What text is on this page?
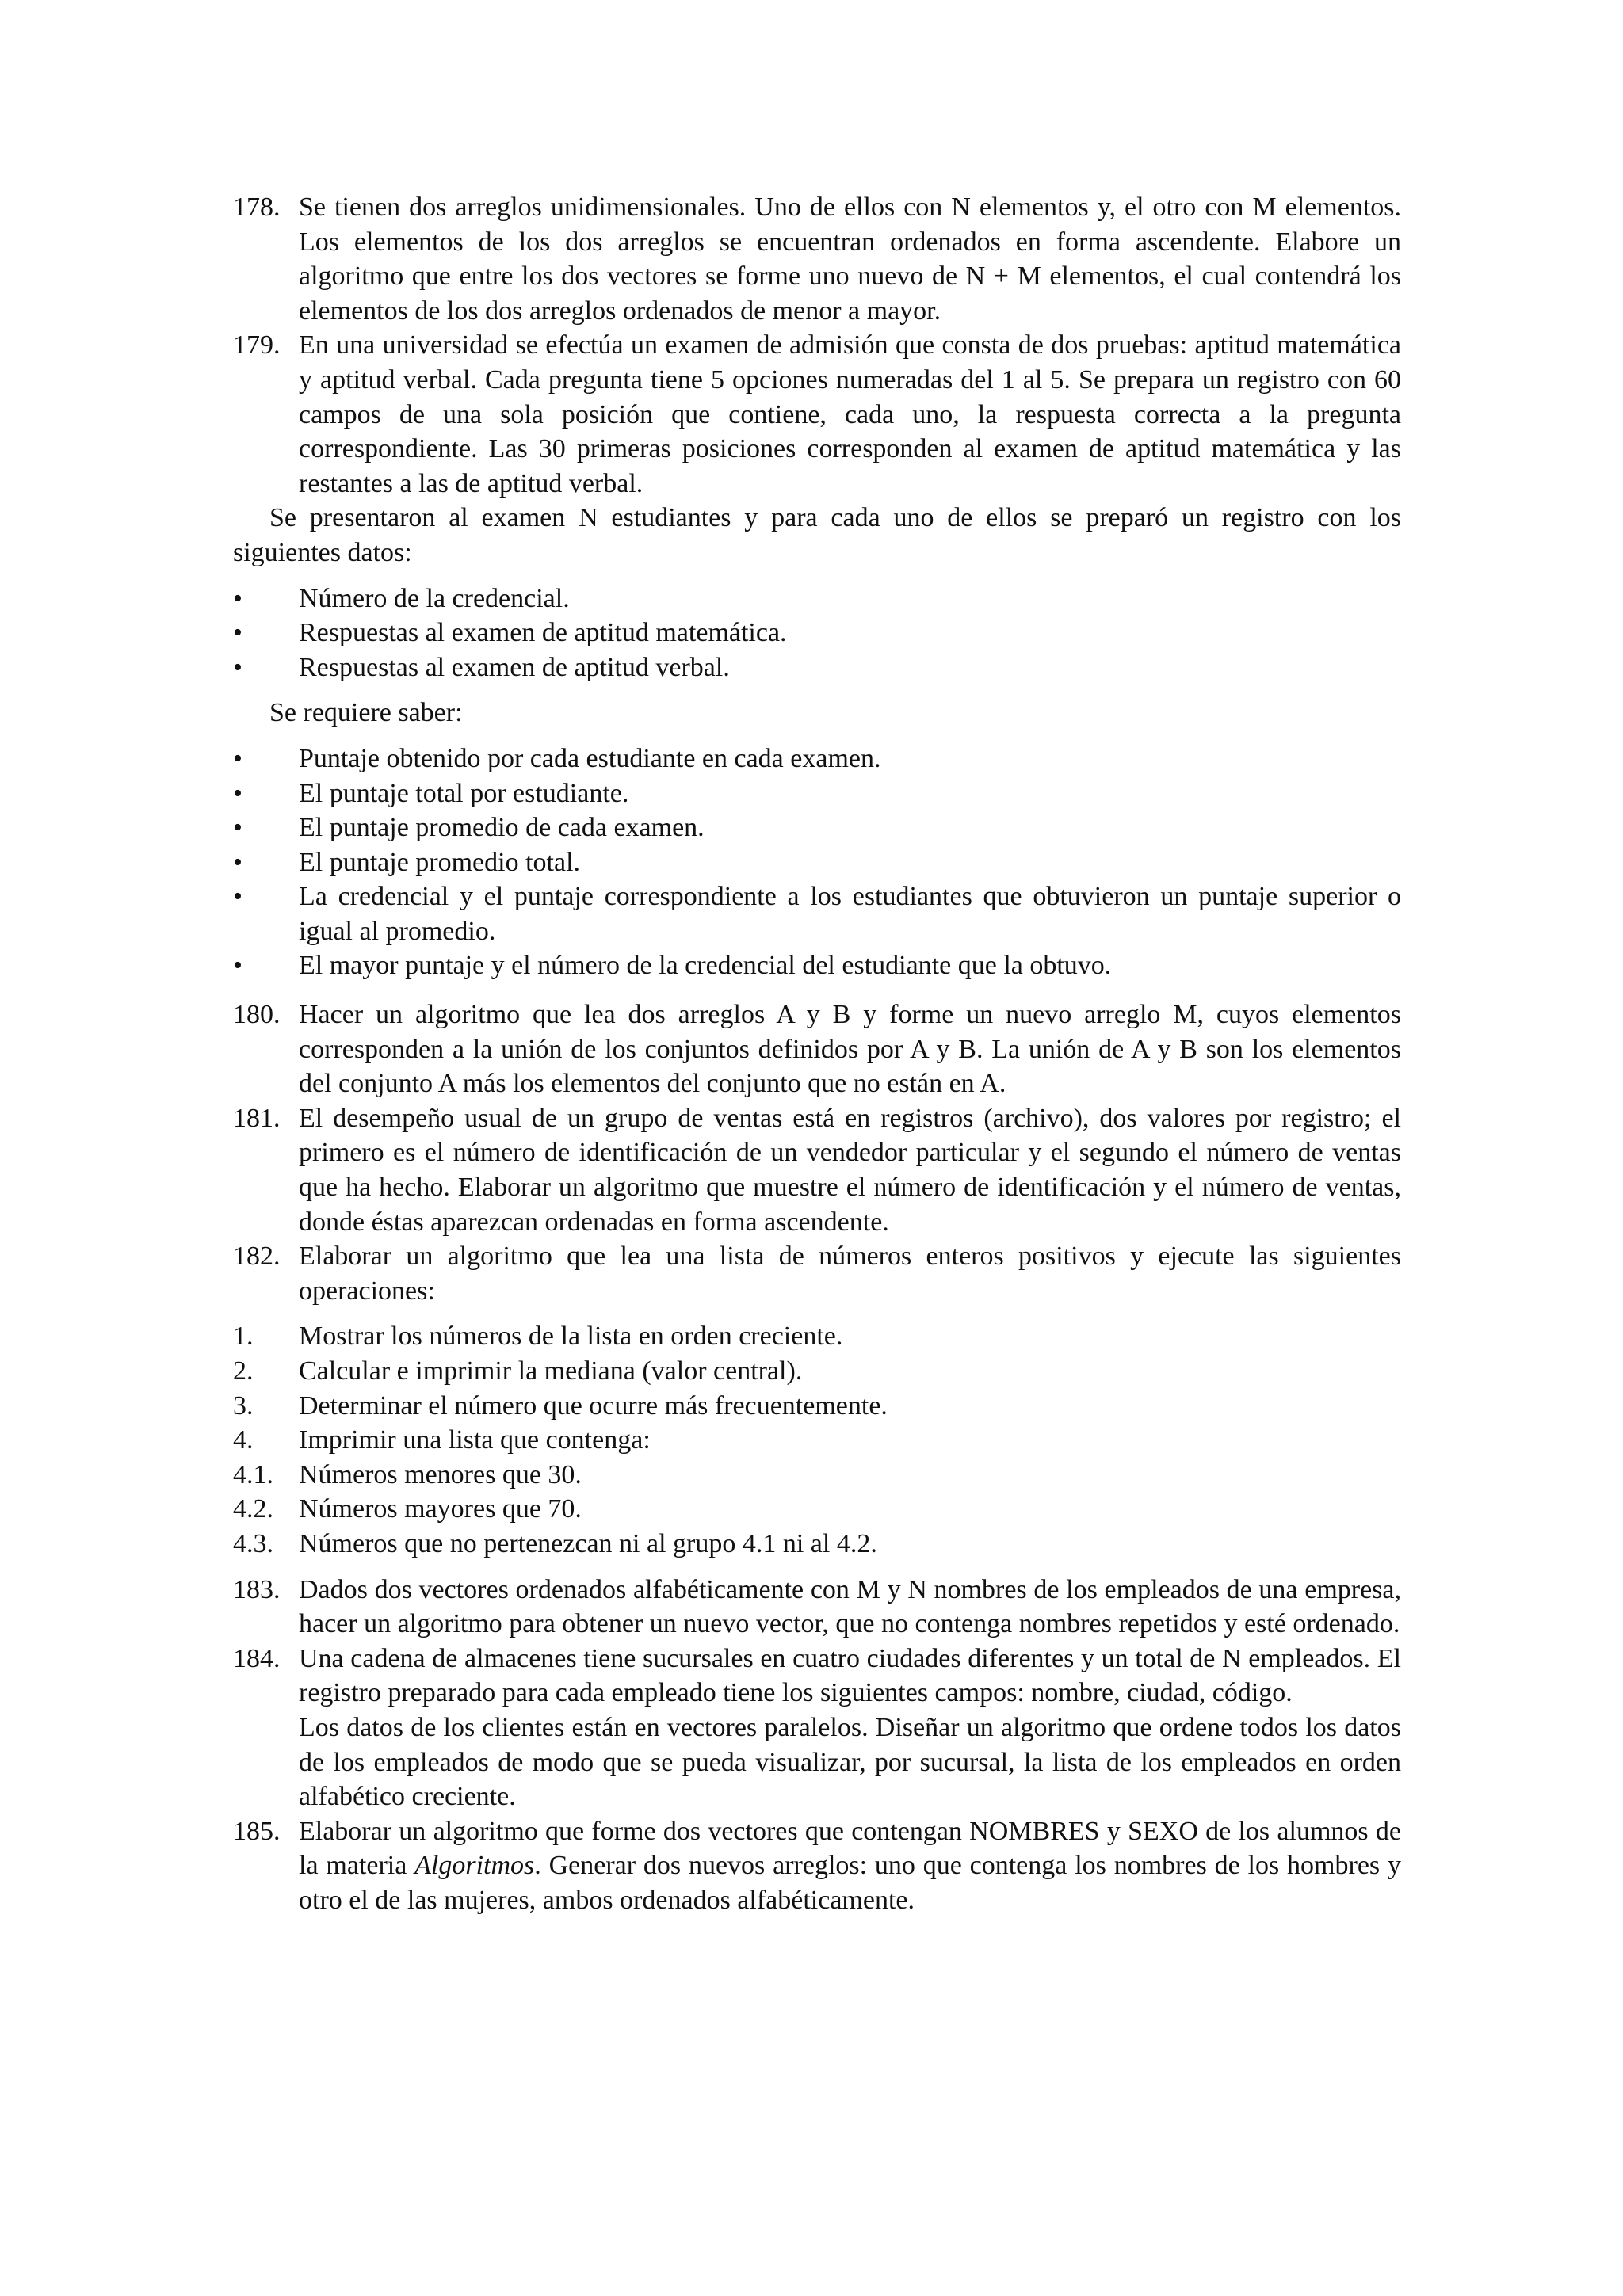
178. Se tienen dos arreglos unidimensionales. Uno de ellos con N elementos y, el otro con M elementos. Los elementos de los dos arreglos se encuentran ordenados en forma ascendente. Elabore un algoritmo que entre los dos vectores se forme uno nuevo de N + M elementos, el cual contendrá los elementos de los dos arreglos ordenados de menor a mayor.

179. En una universidad se efectúa un examen de admisión que consta de dos pruebas: aptitud matemática y aptitud verbal. Cada pregunta tiene 5 opciones numeradas del 1 al 5. Se prepara un registro con 60 campos de una sola posición que contiene, cada uno, la respuesta correcta a la pregunta correspondiente. Las 30 primeras posiciones corresponden al examen de aptitud matemática y las restantes a las de aptitud verbal.

Se presentaron al examen N estudiantes y para cada uno de ellos se preparó un registro con los siguientes datos:

• Número de la credencial.
• Respuestas al examen de aptitud matemática.
• Respuestas al examen de aptitud verbal.

Se requiere saber:

• Puntaje obtenido por cada estudiante en cada examen.
• El puntaje total por estudiante.
• El puntaje promedio de cada examen.
• El puntaje promedio total.
• La credencial y el puntaje correspondiente a los estudiantes que obtuvieron un puntaje superior o igual al promedio.
• El mayor puntaje y el número de la credencial del estudiante que la obtuvo.
180. Hacer un algoritmo que lea dos arreglos A y B y forme un nuevo arreglo M, cuyos elementos corresponden a la unión de los conjuntos definidos por A y B. La unión de A y B son los elementos del conjunto A más los elementos del conjunto que no están en A.

181. El desempeño usual de un grupo de ventas está en registros (archivo), dos valores por registro; el primero es el número de identificación de un vendedor particular y el segundo el número de ventas que ha hecho. Elaborar un algoritmo que muestre el número de identificación y el número de ventas, donde éstas aparezcan ordenadas en forma ascendente.

182. Elaborar un algoritmo que lea una lista de números enteros positivos y ejecute las siguientes operaciones:

1. Mostrar los números de la lista en orden creciente.
2. Calcular e imprimir la mediana (valor central).
3. Determinar el número que ocurre más frecuentemente.
4. Imprimir una lista que contenga:
4.1. Números menores que 30.
4.2. Números mayores que 70.
4.3. Números que no pertenezcan ni al grupo 4.1 ni al 4.2.
183. Dados dos vectores ordenados alfabéticamente con M y N nombres de los empleados de una empresa, hacer un algoritmo para obtener un nuevo vector, que no contenga nombres repetidos y esté ordenado.

184. Una cadena de almacenes tiene sucursales en cuatro ciudades diferentes y un total de N empleados. El registro preparado para cada empleado tiene los siguientes campos: nombre, ciudad, código.

Los datos de los clientes están en vectores paralelos. Diseñar un algoritmo que ordene todos los datos de los empleados de modo que se pueda visualizar, por sucursal, la lista de los empleados en orden alfabético creciente.

185. Elaborar un algoritmo que forme dos vectores que contengan NOMBRES y SEXO de los alumnos de la materia Algoritmos. Generar dos nuevos arreglos: uno que contenga los nombres de los hombres y otro el de las mujeres, ambos ordenados alfabéticamente.
